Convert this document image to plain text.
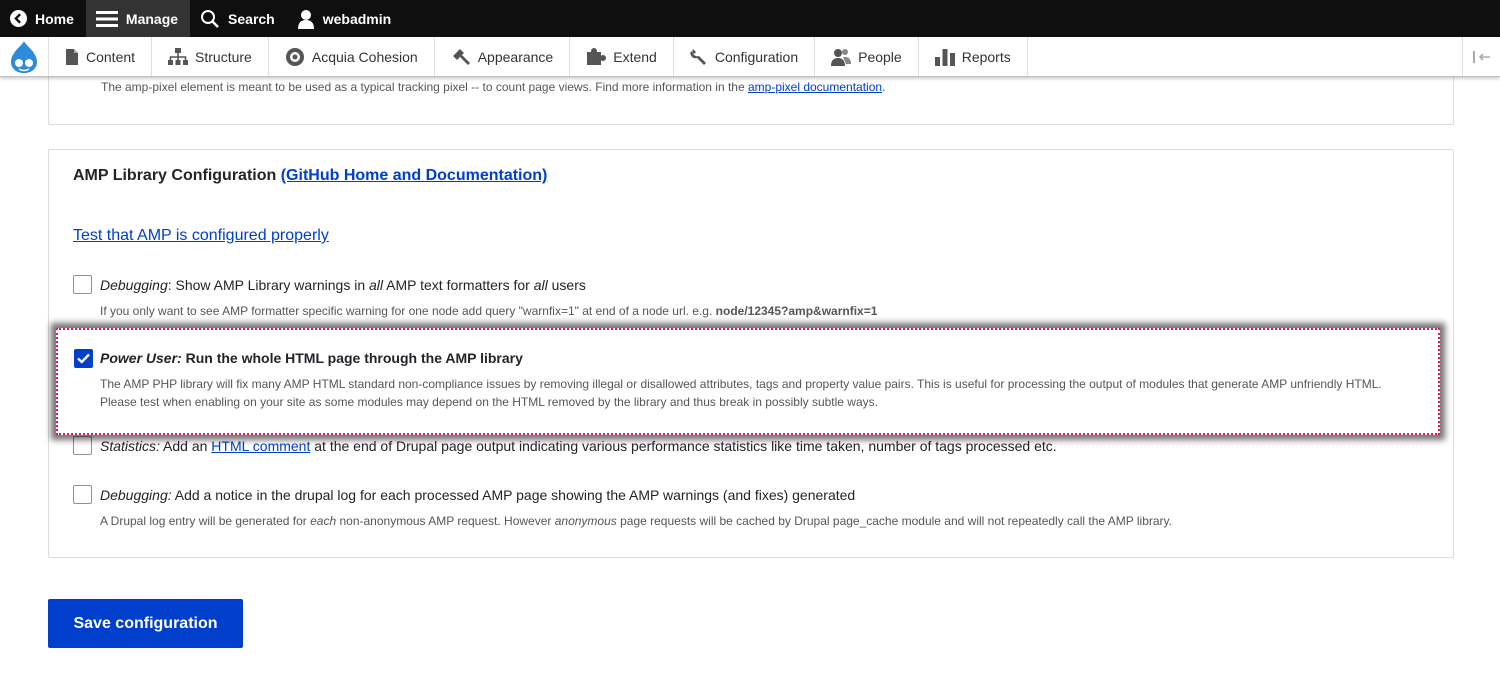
Home	Manage	Search	webadmin
Content	Structure	Acquia Cohesion	Appearance	Extend	Configuration	People	Reports
The amp-pixel element is meant to be used as a typical tracking pixel -- to count page views. Find more information in the amp-pixel documentation.
AMP Library Configuration (GitHub Home and Documentation)
Test that AMP is configured properly
Debugging: Show AMP Library warnings in all AMP text formatters for all users
If you only want to see AMP formatter specific warning for one node add query "warnfix=1" at end of a node url. e.g. node/12345?amp&warnfix=1
Statistics: Add an HTML comment at the end of Drupal page output indicating various performance statistics like time taken, number of tags processed etc.
Debugging: Add a notice in the drupal log for each processed AMP page showing the AMP warnings (and fixes) generated
A Drupal log entry will be generated for each non-anonymous AMP request. However anonymous page requests will be cached by Drupal page_cache module and will not repeatedly call the AMP library.
Power User: Run the whole HTML page through the AMP library
The AMP PHP library will fix many AMP HTML standard non-compliance issues by removing illegal or disallowed attributes, tags and property value pairs. This is useful for processing the output of modules that generate AMP unfriendly HTML. Please test when enabling on your site as some modules may depend on the HTML removed by the library and thus break in possibly subtle ways.
Save configuration
